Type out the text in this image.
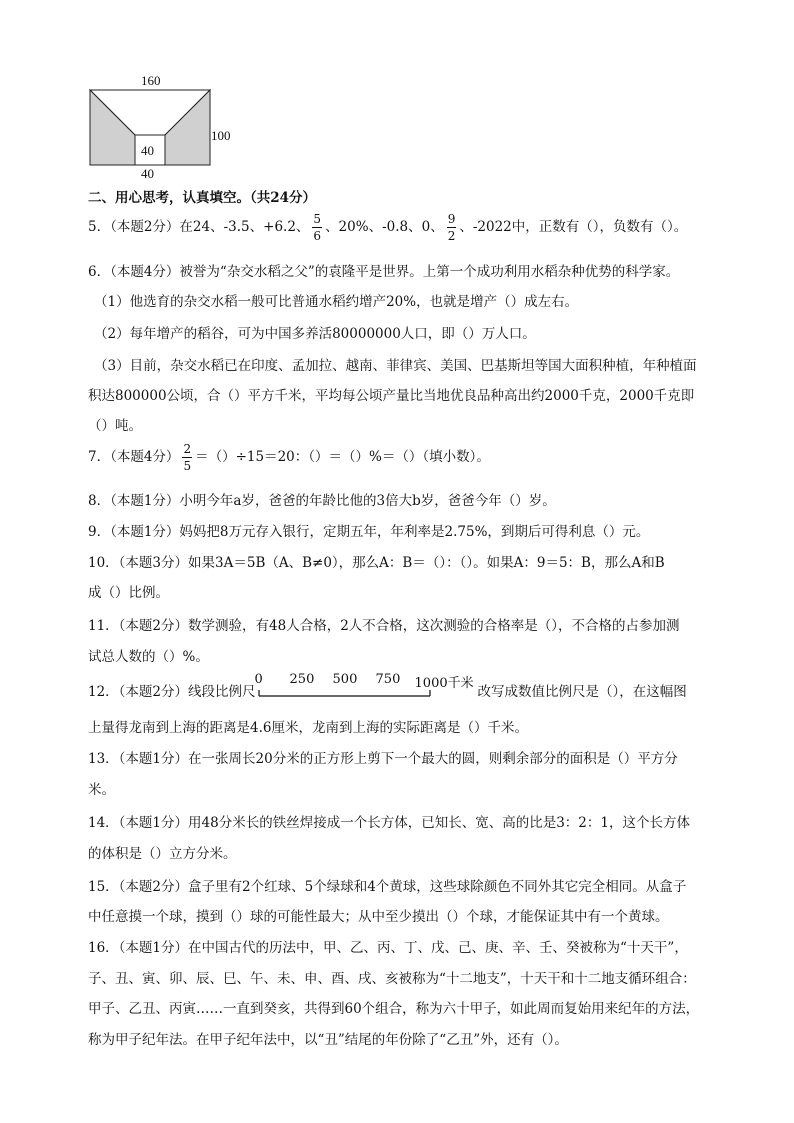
160
100
40
40
二、用心思考，认真填空。（共24分）
5．（本题2分）在24、-3.5、+6.2、 $\frac{5}{6}$ 、20%、-0.8、0、 $\frac{9}{2}$ 、-2022中，正数有（），负数有（）。
6．（本题4分）被誉为“杂交水稻之父”的袁隆平是世界。上第一个成功利用水稻杂种优势的科学家。
（1）他选育的杂交水稻一般可比普通水稻约增产20%，也就是增产（）成左右。
（2）每年增产的稻谷，可为中国多养活80000000人口，即（）万人口。
（3）目前，杂交水稻已在印度、孟加拉、越南、菲律宾、美国、巴基斯坦等国大面积种植，年种植面
积达800000公顷，合（）平方千米，平均每公顷产量比当地优良品种高出约2000千克，2000千克即
（）吨。
7．（本题4分） $\frac{2}{5} =()\div 15=20$：（）＝（）%＝（）（填小数）。
8．（本题1分）小明今年a岁，爸爸的年龄比他的3倍大b岁，爸爸今年（）岁。
9．（本题1分）妈妈把8万元存入银行，定期五年，年利率是2.75%，到期后可得利息（）元。
10．（本题3分）如果3A＝5B（A、B≠0），那么A：B＝（）：（）。如果A：9＝5：B，那么A和B
成（）比例。
11．（本题2分）数学测验，有48人合格，2人不合格，这次测验的合格率是（），不合格的占参加测
试总人数的（）%。
12．（本题2分）线段比例尺
0 250 500 750 1000千米
改写成数值比例尺是（），在这幅图
上量得龙南到上海的距离是4.6厘米，龙南到上海的实际距离是（）千米。
13．（本题1分）在一张周长20分米的正方形上剪下一个最大的圆，则剩余部分的面积是（）平方分
米。
14．（本题1分）用48分米长的铁丝焊接成一个长方体，已知长、宽、高的比是3：2：1，这个长方体
的体积是（）立方分米。
15．（本题2分）盒子里有2个红球、5个绿球和4个黄球，这些球除颜色不同外其它完全相同。从盒子
中任意摸一个球，摸到（）球的可能性最大；从中至少摸出（）个球，才能保证其中有一个黄球。
16．（本题1分）在中国古代的历法中，甲、乙、丙、丁、戊、己、庚、辛、壬、癸被称为“十天干”，
子、丑、寅、卯、辰、巳、午、未、申、酉、戌、亥被称为“十二地支”，十天干和十二地支循环组合：
甲子、乙丑、丙寅……一直到癸亥，共得到60个组合，称为六十甲子，如此周而复始用来纪年的方法，
称为甲子纪年法。在甲子纪年法中，以“丑”结尾的年份除了“乙丑”外，还有（）。
